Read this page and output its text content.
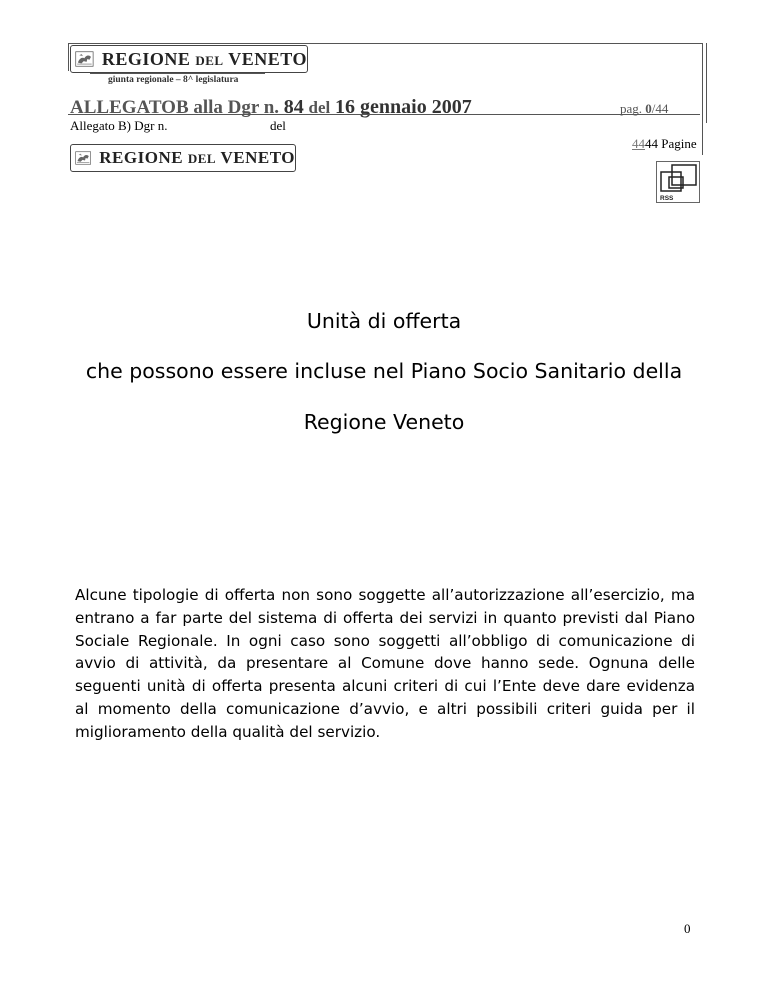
REGIONE DEL VENETO
giunta regionale – 8^ legislatura
ALLEGATOB alla Dgr n. 84 del 16 gennaio 2007	pag. 0/44
Allegato B) Dgr n.	del
4444 Pagine
REGIONE DEL VENETO
RSS
Unità di offerta
che possono essere incluse nel Piano Socio Sanitario della
Regione Veneto
Alcune tipologie di offerta non sono soggette all’autorizzazione all’esercizio, ma entrano a far parte del sistema di offerta dei servizi in quanto previsti dal Piano Sociale Regionale. In ogni caso sono soggetti all’obbligo di comunicazione di avvio di attività, da presentare al Comune dove hanno sede. Ognuna delle seguenti unità di offerta presenta alcuni criteri di cui l’Ente deve dare evidenza al momento della comunicazione d’avvio, e altri possibili criteri guida per il miglioramento della qualità del servizio.
0
